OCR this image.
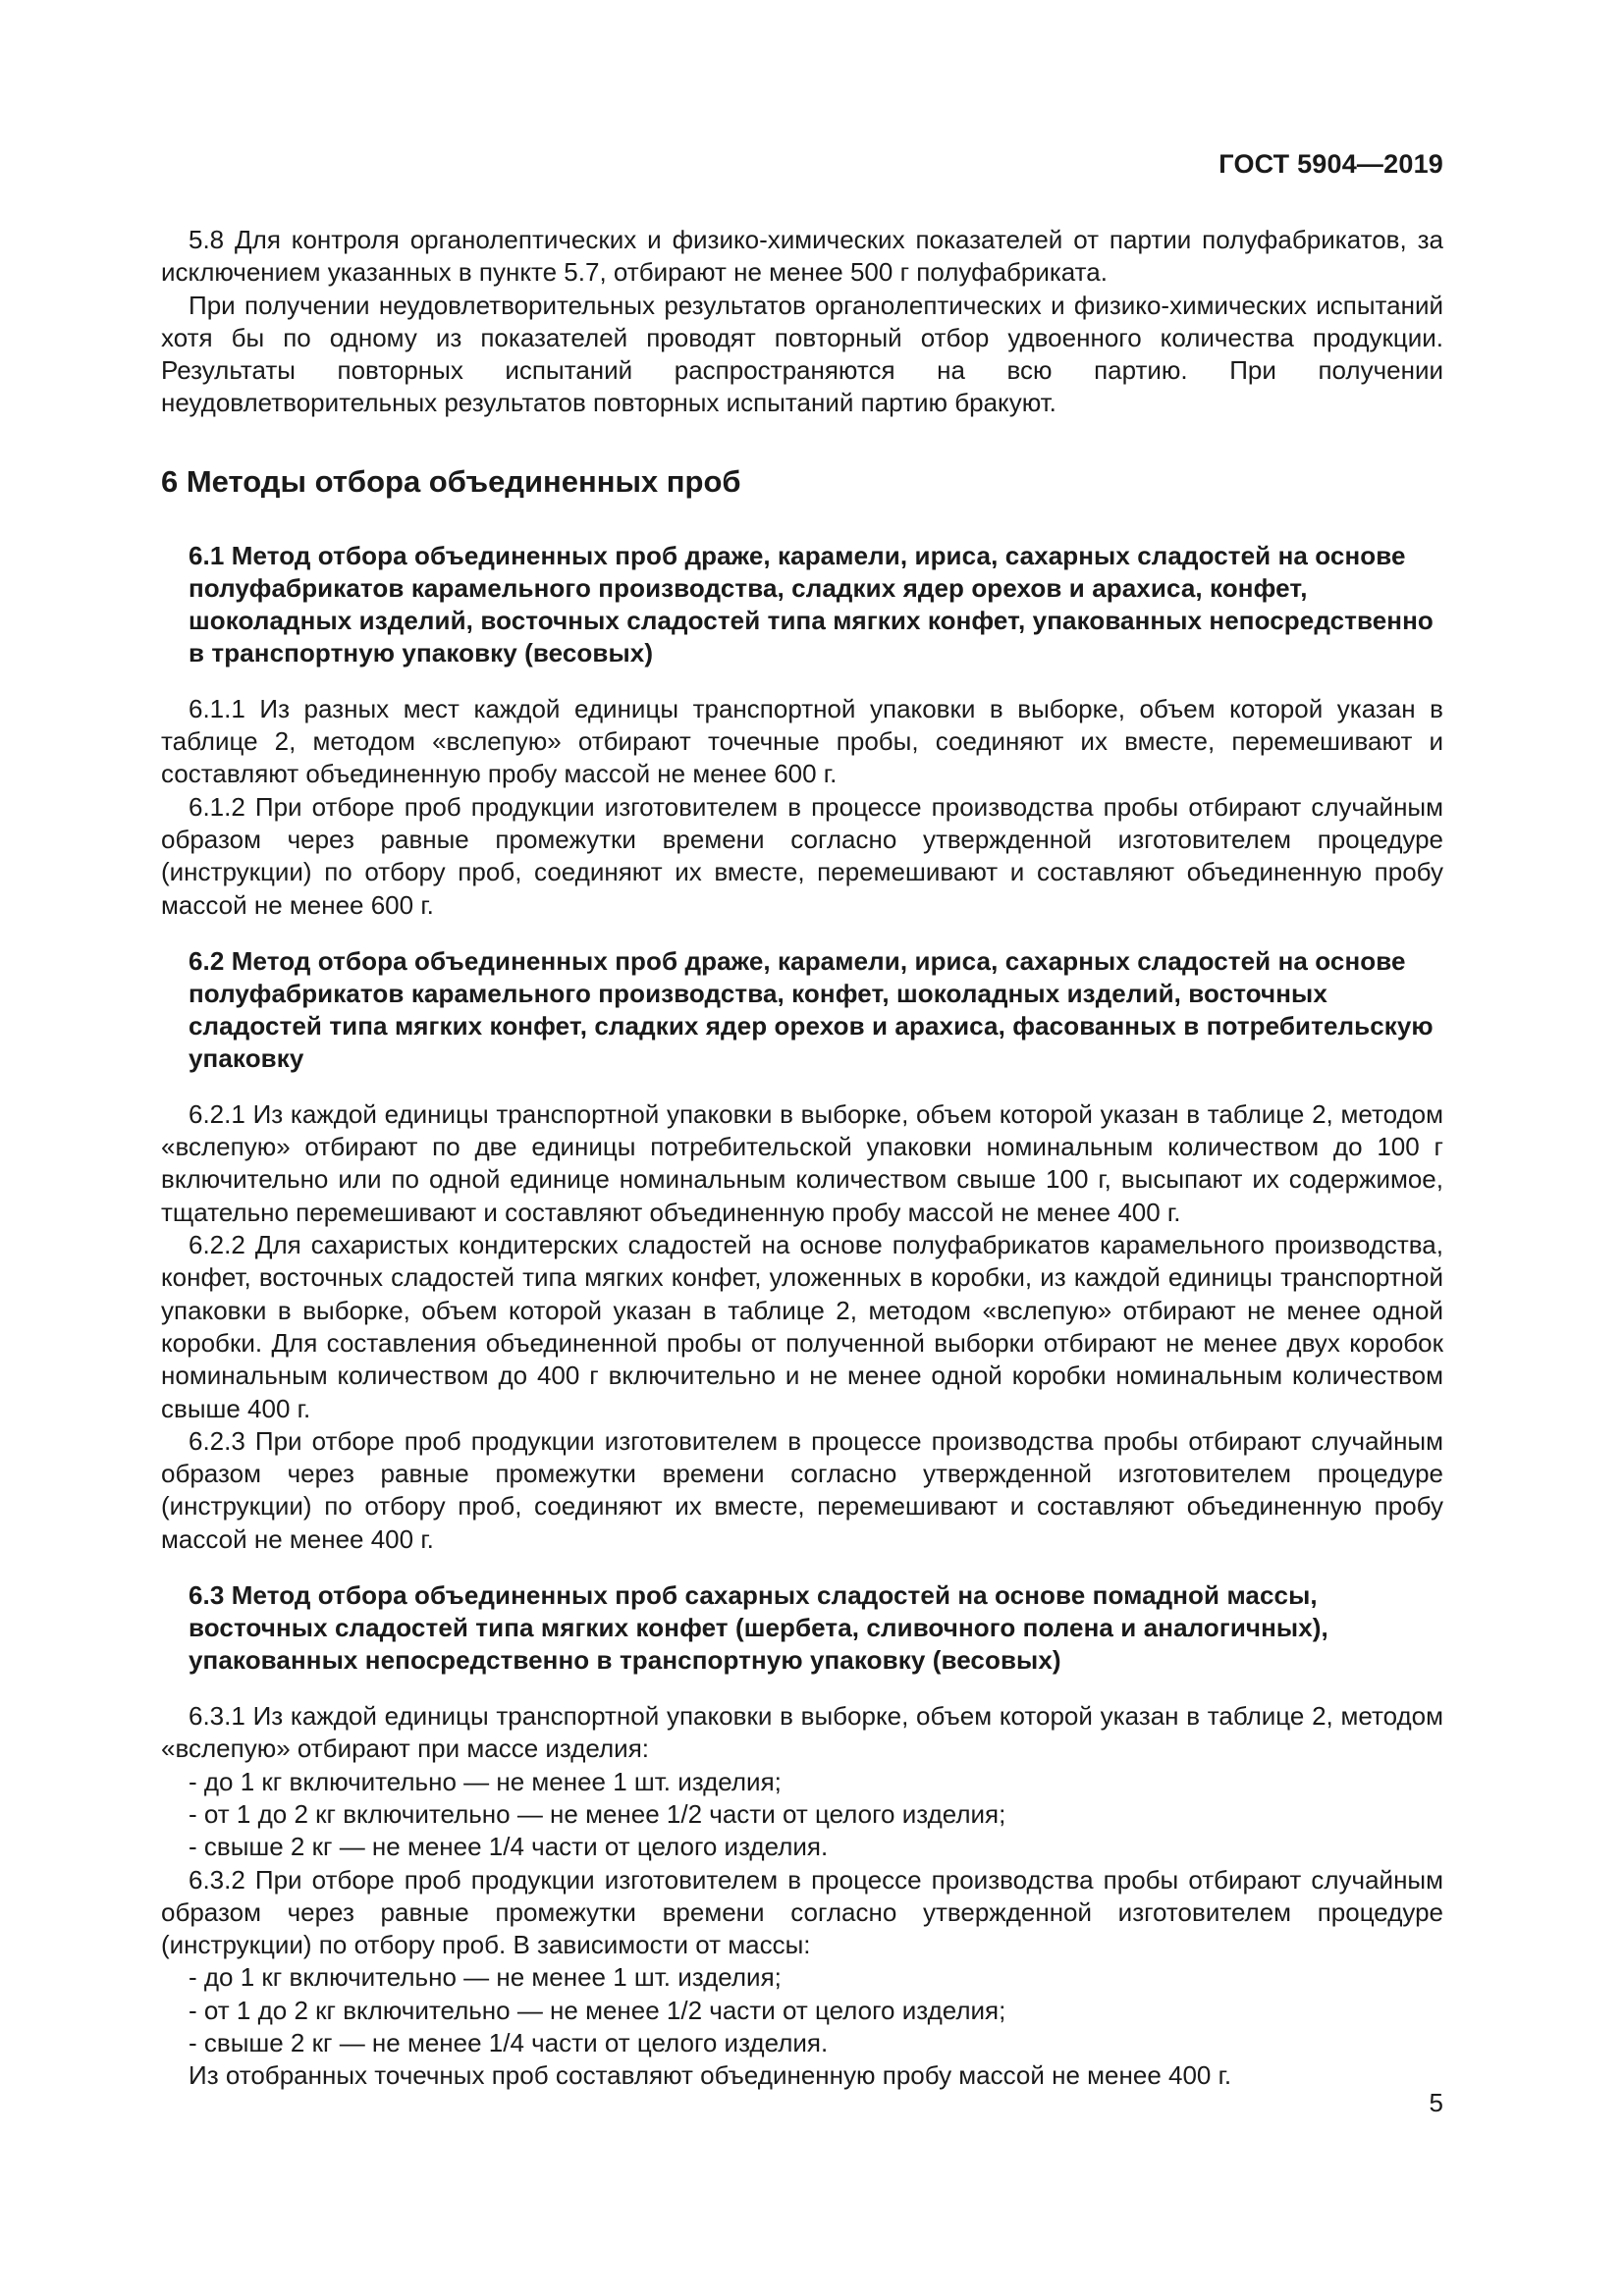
ГОСТ 5904—2019

5.8 Для контроля органолептических и физико-химических показателей от партии полуфабрикатов, за исключением указанных в пункте 5.7, отбирают не менее 500 г полуфабриката.

При получении неудовлетворительных результатов органолептических и физико-химических испытаний хотя бы по одному из показателей проводят повторный отбор удвоенного количества продукции. Результаты повторных испытаний распространяются на всю партию. При получении неудовлетворительных результатов повторных испытаний партию бракуют.

6 Методы отбора объединенных проб
6.1 Метод отбора объединенных проб драже, карамели, ириса, сахарных сладостей на основе полуфабрикатов карамельного производства, сладких ядер орехов и арахиса, конфет, шоколадных изделий, восточных сладостей типа мягких конфет, упакованных непосредственно в транспортную упаковку (весовых)

6.1.1 Из разных мест каждой единицы транспортной упаковки в выборке, объем которой указан в таблице 2, методом «вслепую» отбирают точечные пробы, соединяют их вместе, перемешивают и составляют объединенную пробу массой не менее 600 г.

6.1.2 При отборе проб продукции изготовителем в процессе производства пробы отбирают случайным образом через равные промежутки времени согласно утвержденной изготовителем процедуре (инструкции) по отбору проб, соединяют их вместе, перемешивают и составляют объединенную пробу массой не менее 600 г.

6.2 Метод отбора объединенных проб драже, карамели, ириса, сахарных сладостей на основе полуфабрикатов карамельного производства, конфет, шоколадных изделий, восточных сладостей типа мягких конфет, сладких ядер орехов и арахиса, фасованных в потребительскую упаковку

6.2.1 Из каждой единицы транспортной упаковки в выборке, объем которой указан в таблице 2, методом «вслепую» отбирают по две единицы потребительской упаковки номинальным количеством до 100 г включительно или по одной единице номинальным количеством свыше 100 г, высыпают их содержимое, тщательно перемешивают и составляют объединенную пробу массой не менее 400 г.

6.2.2 Для сахаристых кондитерских сладостей на основе полуфабрикатов карамельного производства, конфет, восточных сладостей типа мягких конфет, уложенных в коробки, из каждой единицы транспортной упаковки в выборке, объем которой указан в таблице 2, методом «вслепую» отбирают не менее одной коробки. Для составления объединенной пробы от полученной выборки отбирают не менее двух коробок номинальным количеством до 400 г включительно и не менее одной коробки номинальным количеством свыше 400 г.

6.2.3 При отборе проб продукции изготовителем в процессе производства пробы отбирают случайным образом через равные промежутки времени согласно утвержденной изготовителем процедуре (инструкции) по отбору проб, соединяют их вместе, перемешивают и составляют объединенную пробу массой не менее 400 г.

6.3 Метод отбора объединенных проб сахарных сладостей на основе помадной массы, восточных сладостей типа мягких конфет (шербета, сливочного полена и аналогичных), упакованных непосредственно в транспортную упаковку (весовых)

6.3.1 Из каждой единицы транспортной упаковки в выборке, объем которой указан в таблице 2, методом «вслепую» отбирают при массе изделия:

- до 1 кг включительно — не менее 1 шт. изделия;

- от 1 до 2 кг включительно — не менее 1/2 части от целого изделия;

- свыше 2 кг — не менее 1/4 части от целого изделия.

6.3.2 При отборе проб продукции изготовителем в процессе производства пробы отбирают случайным образом через равные промежутки времени согласно утвержденной изготовителем процедуре (инструкции) по отбору проб. В зависимости от массы:

- до 1 кг включительно — не менее 1 шт. изделия;

- от 1 до 2 кг включительно — не менее 1/2 части от целого изделия;

- свыше 2 кг — не менее 1/4 части от целого изделия.

Из отобранных точечных проб составляют объединенную пробу массой не менее 400 г.

5
